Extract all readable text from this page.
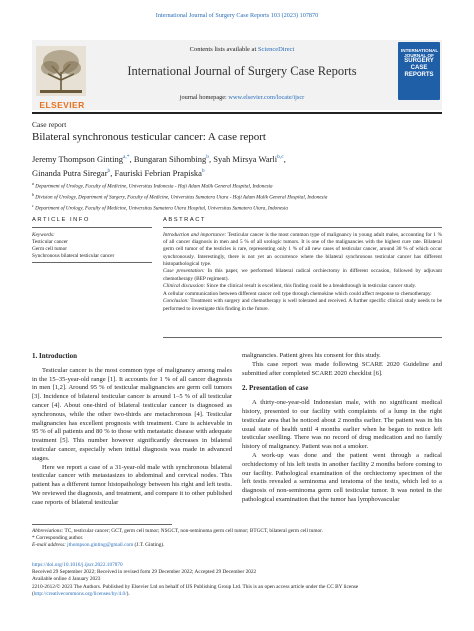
International Journal of Surgery Case Reports 103 (2023) 107870
ELSEVIER
Contents lists available at ScienceDirect
International Journal of Surgery Case Reports
journal homepage: www.elsevier.com/locate/ijscr
INTERNATIONAL
JOURNAL OF
SURGERY
CASE
REPORTS
Case report
Bilateral synchronous testicular cancer: A case report
Jeremy Thompson Ginting$^{a,*}$, Bungaran Sihombing$^b$, Syah Mirsya Warli$^{b,c}$,
Ginanda Putra Siregar$^b$, Fauriski Febrian Prapiska$^b$
$^a$ Department of Urology, Faculty of Medicine, Universitas Indonesia - Haji Adam Malik General Hospital, Indonesia
$^b$ Division of Urology, Department of Surgery, Faculty of Medicine, Universitas Sumatera Utara - Haji Adam Malik General Hospital, Indonesia
$^c$ Department of Urology, Faculty of Medicine, Universitas Sumatera Utara Hospital, Universitas Sumatera Utara, Indonesia
ARTICLE INFO	ABSTRACT
Keywords:
Testicular cancer
Germ cell tumor
Synchronous bilateral testicular cancer

Introduction and importance: Testicular cancer is the most common type of malignancy in young adult males, accounting for 1 % of all cancer diagnosis in men and 5 % of all urologic tumors. It is one of the malignancies with the highest cure rate. Bilateral germ cell tumor of the testicles is rare, representing only 1 % of all new cases of testicular cancer, around 30 % of which occur synchronously. Interestingly, there is not yet an occurrence where the bilateral synchronous testicular cancer has different histopathological type.

Case presentation: In this paper, we performed bilateral radical orchiectomy in different occasion, followed by adjuvant chemotherapy (BEP regiment).

Clinical discussion: Since the clinical result is excellent, this finding could be a breakthrough in testicular cancer study.

A cellular communication between different cancer cell type through chemokine which could affect response to chemotherapy.

Conclusion: Treatment with surgery and chemotherapy is well tolerated and received. A further specific clinical study needs to be performed to investigate this finding in the future.

1. Introduction

Testicular cancer is the most common type of malignancy among males in the 15–35-year-old range [1]. It accounts for 1 % of all cancer diagnosis in men [1,2]. Around 95 % of testicular malignancies are germ cell tumors [3]. Incidence of bilateral testicular cancer is around 1–5 % of all testicular cancer [4]. About one-third of bilateral testicular cancer is diagnosed as synchronous, while the other two-thirds are metachronous [4]. Testicular malignancies has excellent prognosis with treatment. Cure is achievable in 95 % of all patients and 80 % to those with metastatic disease with adequate treatment [5]. This number however significantly decreases in bilateral testicular cancer, especially when initial diagnosis was made in advanced stages.

Here we report a case of a 31-year-old male with synchronous bilateral testicular cancer with metastasizes to abdominal and cervical nodes. This patient has a different tumor histopathology between his right and left testis. We reviewed the diagnosis, and treatment, and compare it to other published case reports of bilateral testicular

malignancies. Patient gives his consent for this study.

This case report was made following SCARE 2020 Guideline and submitted after completed SCARE 2020 checklist [6].

2. Presentation of case

A thirty-one-year-old Indonesian male, with no significant medical history, presented to our facility with complaints of a lump in the right testicular area that he noticed about 2 months earlier. The patient was in his usual state of health until 4 months earlier when he began to notice left testicular swelling. There was no record of drug medication and no family history of malignancy. Patient was not a smoker.

A work-up was done and the patient went through a radical orchidectomy of his left testis in another facility 2 months before coming to our facility. Pathological examination of the orchiectomy specimen of the left testis revealed a seminoma and teratoma of the testis, which led to a diagnosis of non-seminoma germ cell testicular tumor. It was noted in the pathological examination that the tumor has lymphovascular

Abbreviations: TC, testicular cancer; GCT, germ cell tumor; NSGCT, non-seminoma germ cell tumor; BTGCT, bilateral germ cell tumor.
* Corresponding author.
E-mail address: jthompson.ginting@gmail.com (J.T. Ginting).
https://doi.org/10.1016/j.ijscr.2022.107870
Received 29 September 2022; Received in revised form 29 December 2022; Accepted 29 December 2022
Available online 4 January 2023
2210-2612/© 2023 The Authors. Published by Elsevier Ltd on behalf of IJS Publishing Group Ltd. This is an open access article under the CC BY license (http://creativecommons.org/licenses/by/4.0/).
